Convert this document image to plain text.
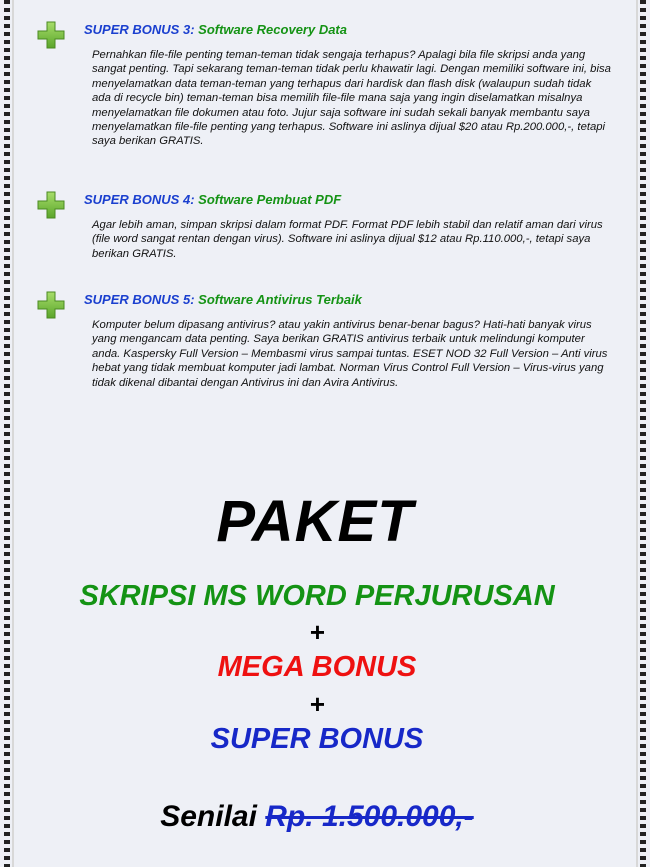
SUPER BONUS 3: Software Recovery Data
Pernahkan file-file penting teman-teman tidak sengaja terhapus? Apalagi bila file skripsi anda yang sangat penting. Tapi sekarang teman-teman tidak perlu khawatir lagi. Dengan memiliki software ini, bisa menyelamatkan data teman-teman yang terhapus dari hardisk dan flash disk (walaupun sudah tidak ada di recycle bin) teman-teman bisa memilih file-file mana saja yang ingin diselamatkan misalnya menyelamatkan file dokumen atau foto. Jujur saja software ini sudah sekali banyak membantu saya menyelamatkan file-file penting yang terhapus. Software ini aslinya dijual $20 atau Rp.200.000,-, tetapi saya berikan GRATIS.
SUPER BONUS 4: Software Pembuat PDF
Agar lebih aman, simpan skripsi dalam format PDF. Format PDF lebih stabil dan relatif aman dari virus (file word sangat rentan dengan virus). Software ini aslinya dijual $12 atau Rp.110.000,-, tetapi saya berikan GRATIS.
SUPER BONUS 5: Software Antivirus Terbaik
Komputer belum dipasang antivirus? atau yakin antivirus benar-benar bagus? Hati-hati banyak virus yang mengancam data penting. Saya berikan GRATIS antivirus terbaik untuk melindungi komputer anda. Kaspersky Full Version – Membasmi virus sampai tuntas. ESET NOD 32 Full Version – Anti virus hebat yang tidak membuat komputer jadi lambat. Norman Virus Control Full Version – Virus-virus yang tidak dikenal dibantai dengan Antivirus ini dan Avira Antivirus.
PAKET
SKRIPSI MS WORD PERJURUSAN
+
MEGA BONUS
+
SUPER BONUS
Senilai Rp. 1.500.000,-
